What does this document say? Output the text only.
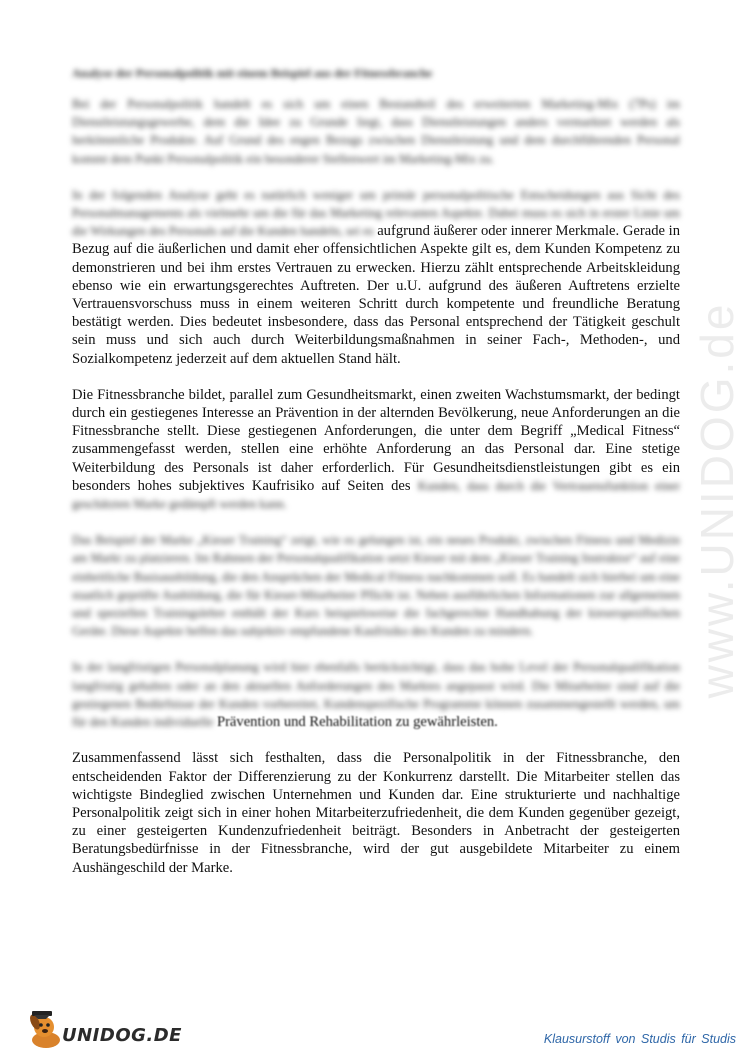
www.UNIDOG.de
Analyse der Personalpolitik mit einem Beispiel aus der Fitnessbranche

Bei der Personalpolitik handelt es sich um einen Bestandteil des erweiterten Marketing-Mix (7Ps) im Dienstleistungsgewerbe, dem die Idee zu Grunde liegt, dass Dienstleistungen anders vermarktet werden als herkömmliche Produkte. Auf Grund des engen Bezugs zwischen Dienstleistung und dem durchführenden Personal kommt dem Punkt Personalpolitik ein besonderer Stellenwert im Marketing-Mix zu.

In der folgenden Analyse geht es natürlich weniger um primär personalpolitische Entscheidungen aus Sicht des Personalmanagements als vielmehr um die für das Marketing relevanten Aspekte. Dabei muss es sich in erster Linie um die Wirkungen des Personals auf die Kunden handeln, sei es aufgrund äußerer oder innerer Merkmale. Gerade in Bezug auf die äußerlichen und damit eher offensichtlichen Aspekte gilt es, dem Kunden Kompetenz zu demonstrieren und bei ihm erstes Vertrauen zu erwecken. Hierzu zählt entsprechende Arbeitskleidung ebenso wie ein erwartungsgerechtes Auftreten. Der u.U. aufgrund des äußeren Auftretens erzielte Vertrauensvorschuss muss in einem weiteren Schritt durch kompetente und freundliche Beratung bestätigt werden. Dies bedeutet insbesondere, dass das Personal entsprechend der Tätigkeit geschult sein muss und sich auch durch Weiterbildungsmaßnahmen in seiner Fach-, Methoden-, und Sozialkompetenz jederzeit auf dem aktuellen Stand hält.

Die Fitnessbranche bildet, parallel zum Gesundheitsmarkt, einen zweiten Wachstumsmarkt, der bedingt durch ein gestiegenes Interesse an Prävention in der alternden Bevölkerung, neue Anforderungen an die Fitnessbranche stellt. Diese gestiegenen Anforderungen, die unter dem Begriff „Medical Fitness“ zusammengefasst werden, stellen eine erhöhte Anforderung an das Personal dar. Eine stetige Weiterbildung des Personals ist daher erforderlich. Für Gesundheitsdienstleistungen gibt es ein besonders hohes subjektives Kaufrisiko auf Seiten des Kunden, dass durch die Vertrauensfunktion einer geschätzten Marke gedämpft werden kann.

Das Beispiel der Marke „Kieser Training“ zeigt, wie es gelungen ist, ein neues Produkt, zwischen Fitness und Medizin am Markt zu platzieren. Im Rahmen der Personalqualifikation setzt Kieser mit dem „Kieser Training Instruktor“ auf eine einheitliche Basisausbildung, die den Ansprüchen der Medical Fitness nachkommen soll. Es handelt sich hierbei um eine staatlich geprüfte Ausbildung, die für Kieser-Mitarbeiter Pflicht ist. Neben ausführlichen Informationen zur allgemeinen und speziellen Trainingslehre enthält der Kurs beispielsweise die fachgerechte Handhabung der kieserspezifischen Geräte. Diese Aspekte helfen das subjektiv empfundene Kaufrisiko des Kunden zu mindern.

In der langfristigen Personalplanung wird hier ebenfalls berücksichtigt, dass das hohe Level der Personalqualifikation langfristig gehalten oder an den aktuellen Anforderungen des Marktes angepasst wird. Die Mitarbeiter sind auf die gestiegenen Bedürfnisse der Kunden vorbereitet, Kundenspezifische Programme können zusammengestellt werden, um für den Kunden individuelle Prävention und Rehabilitation zu gewährleisten.

Zusammenfassend lässt sich festhalten, dass die Personalpolitik in der Fitnessbranche, den entscheidenden Faktor der Differenzierung zu der Konkurrenz darstellt. Die Mitarbeiter stellen das wichtigste Bindeglied zwischen Unternehmen und Kunden dar. Eine strukturierte und nachhaltige Personalpolitik zeigt sich in einer hohen Mitarbeiterzufriedenheit, die dem Kunden gegenüber gezeigt, zu einer gesteigerten Kundenzufriedenheit beiträgt. Besonders in Anbetracht der gesteigerten Beratungsbedürfnisse in der Fitnessbranche, wird der gut ausgebildete Mitarbeiter zu einem Aushängeschild der Marke.

UNIDOG.DE	Klausurstoff von Studis für Studis
